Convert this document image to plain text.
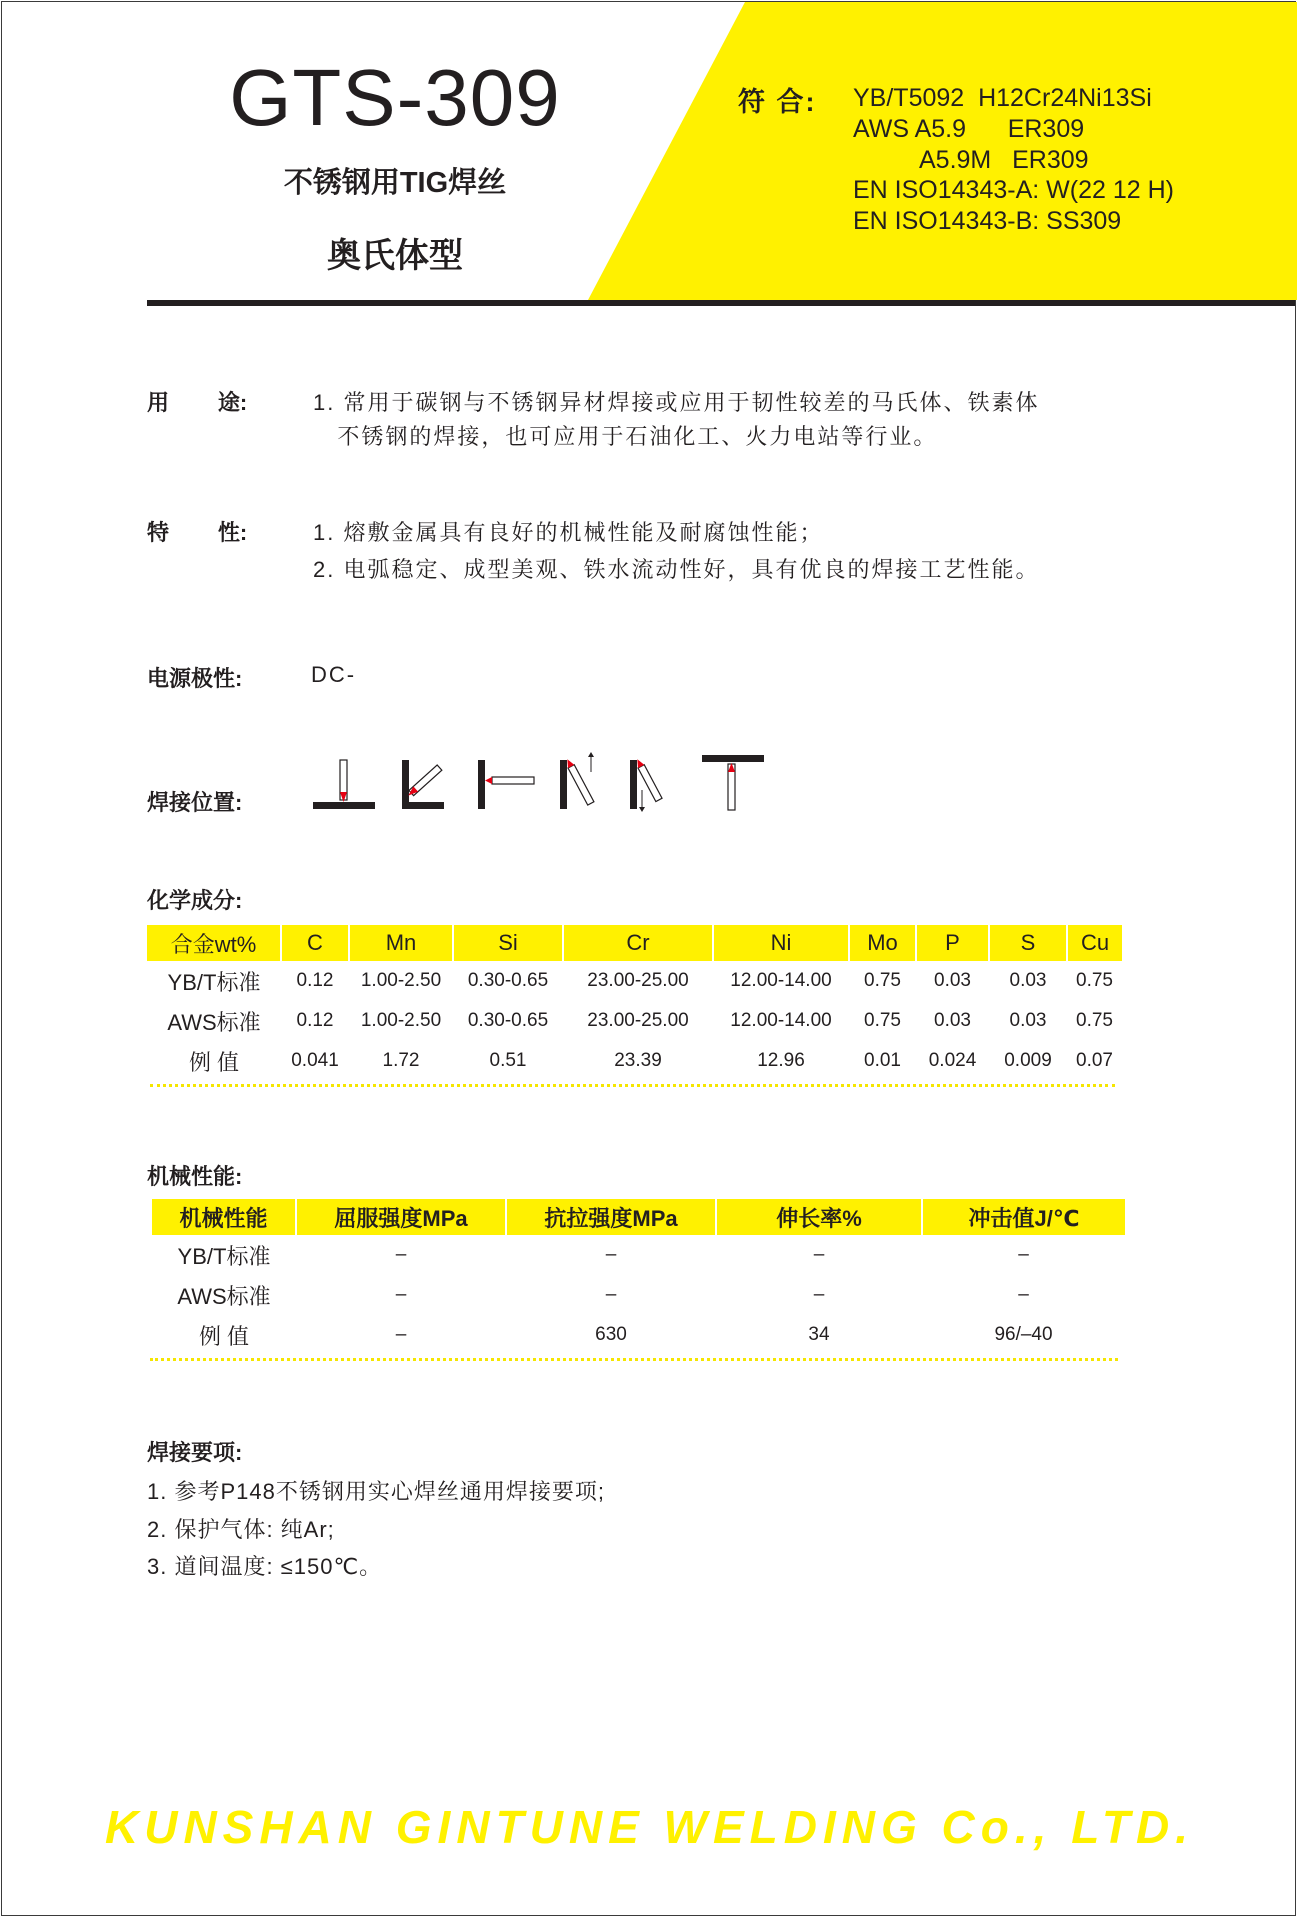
GTS-309
不锈钢用TIG焊丝
奥氏体型
符 合: YB/T5092  H12Cr24Ni13Si
AWS A5.9      ER309
A5.9M   ER309
EN ISO14343-A: W(22 12 H)
EN ISO14343-B: SS309
用        途:	1. 常用于碳钢与不锈钢异材焊接或应用于韧性较差的马氏体、铁素体
不锈钢的焊接，也可应用于石油化工、火力电站等行业。
特        性:	1. 熔敷金属具有良好的机械性能及耐腐蚀性能；
2. 电弧稳定、成型美观、铁水流动性好，具有优良的焊接工艺性能。
电源极性:	DC-
焊接位置:
化学成分:
合金wt%	C	Mn	Si	Cr	Ni	Mo	P	S	Cu
YB/T标准	0.12	1.00-2.50	0.30-0.65	23.00-25.00	12.00-14.00	0.75	0.03	0.03	0.75
AWS标准	0.12	1.00-2.50	0.30-0.65	23.00-25.00	12.00-14.00	0.75	0.03	0.03	0.75
例 值	0.041	1.72	0.51	23.39	12.96	0.01	0.024	0.009	0.07
机械性能:
机械性能	屈服强度MPa	抗拉强度MPa	伸长率%	冲击值J/℃
YB/T标准	–	–	–	–
AWS标准	–	–	–	–
例 值	–	630	34	96/–40
焊接要项:
1. 参考P148不锈钢用实心焊丝通用焊接要项;
2. 保护气体: 纯Ar;
3. 道间温度: ≤150℃。
KUNSHAN GINTUNE WELDING Co., LTD.
